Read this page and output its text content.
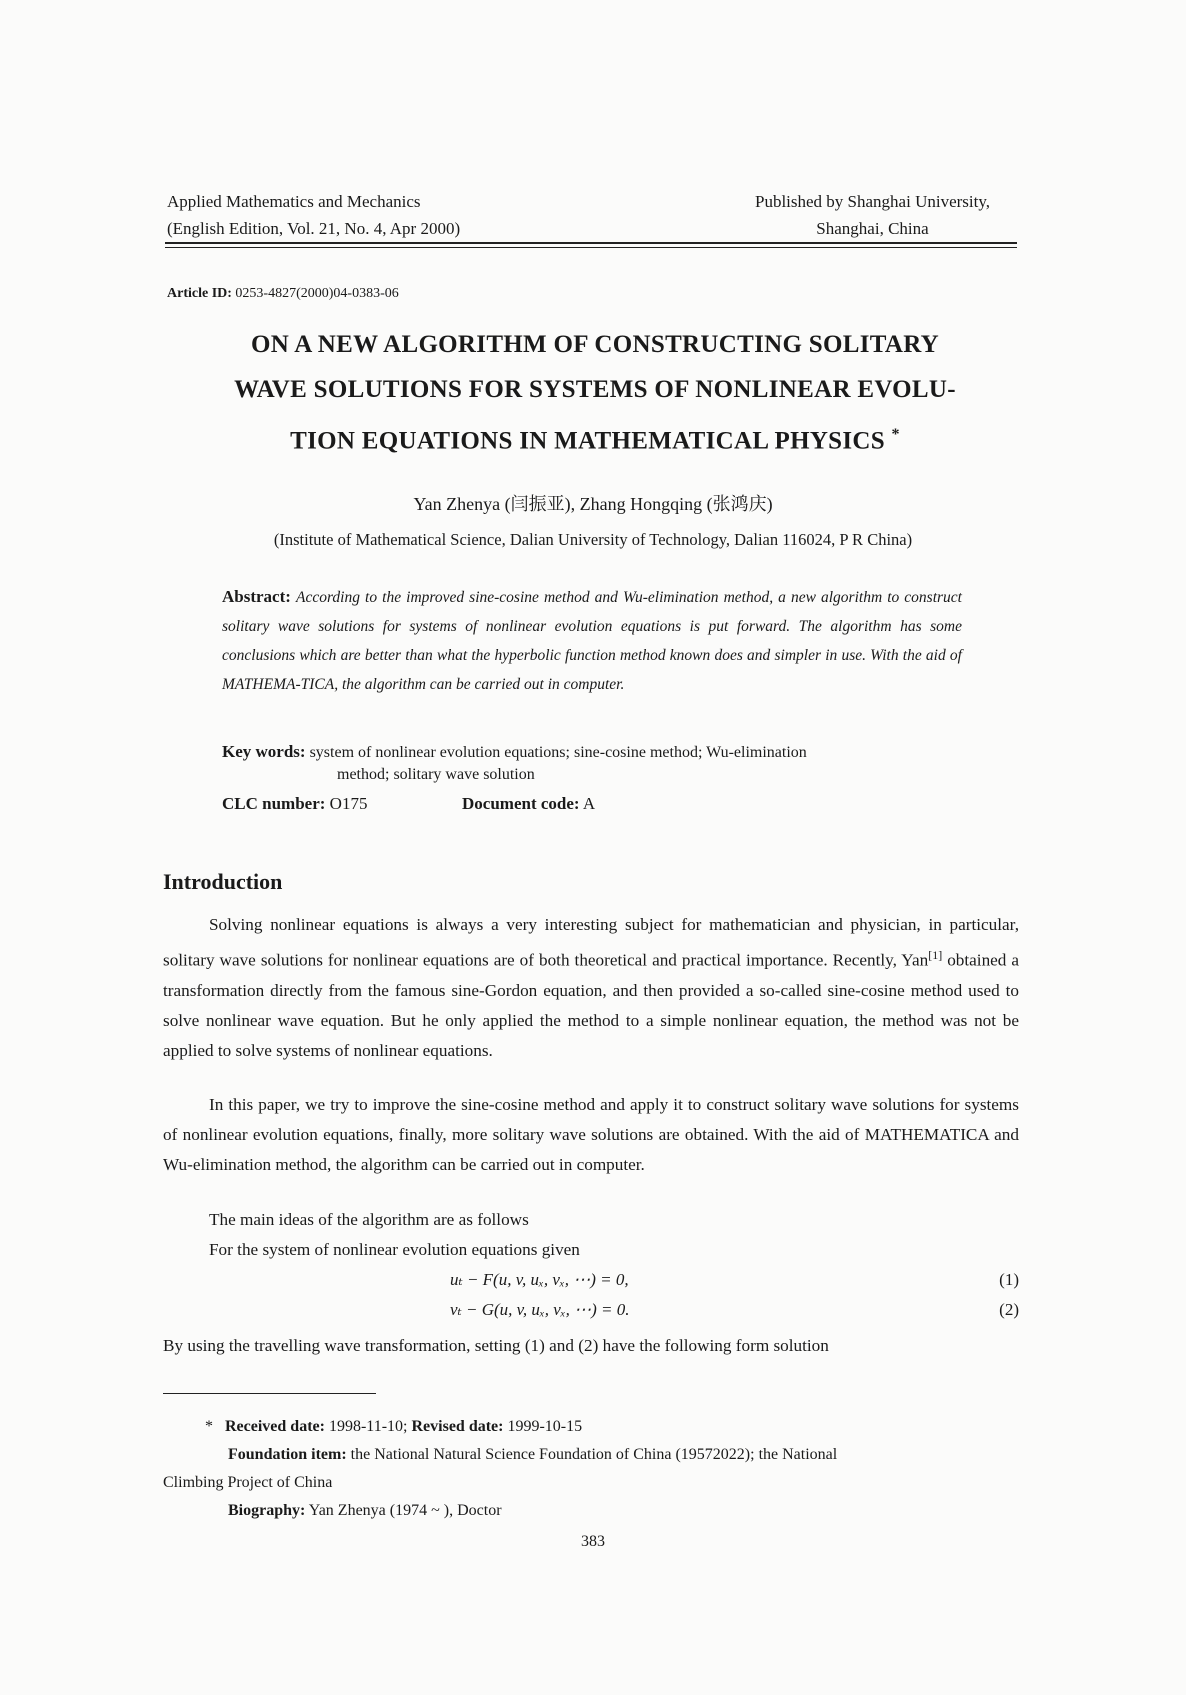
Applied Mathematics and Mechanics
(English Edition, Vol. 21, No. 4, Apr 2000)
Published by Shanghai University,
Shanghai, China
Article ID: 0253-4827(2000)04-0383-06
ON A NEW ALGORITHM OF CONSTRUCTING SOLITARY
WAVE SOLUTIONS FOR SYSTEMS OF NONLINEAR EVOLU-
TION EQUATIONS IN MATHEMATICAL PHYSICS *
Yan Zhenya (闫振亚), Zhang Hongqing (张鸿庆)
(Institute of Mathematical Science, Dalian University of Technology, Dalian 116024, P R China)
Abstract: According to the improved sine-cosine method and Wu-elimination method, a new algorithm to construct solitary wave solutions for systems of nonlinear evolution equations is put forward. The algorithm has some conclusions which are better than what the hyperbolic function method known does and simpler in use. With the aid of MATHEMA-TICA, the algorithm can be carried out in computer.
Key words: system of nonlinear evolution equations; sine-cosine method; Wu-elimination
method; solitary wave solution
CLC number: O175	Document code: A
Introduction

Solving nonlinear equations is always a very interesting subject for mathematician and physician, in particular, solitary wave solutions for nonlinear equations are of both theoretical and practical importance. Recently, Yan[1] obtained a transformation directly from the famous sine-Gordon equation, and then provided a so-called sine-cosine method used to solve nonlinear wave equation. But he only applied the method to a simple nonlinear equation, the method was not be applied to solve systems of nonlinear equations.

In this paper, we try to improve the sine-cosine method and apply it to construct solitary wave solutions for systems of nonlinear evolution equations, finally, more solitary wave solutions are obtained. With the aid of MATHEMATICA and Wu-elimination method, the algorithm can be carried out in computer.

The main ideas of the algorithm are as follows
For the system of nonlinear evolution equations given
uₜ − F(u, v, uₓ, vₓ, ⋯) = 0,	(1)
vₜ − G(u, v, uₓ, vₓ, ⋯) = 0.	(2)
By using the travelling wave transformation, setting (1) and (2) have the following form solution
* Received date: 1998-11-10; Revised date: 1999-10-15
Foundation item: the National Natural Science Foundation of China (19572022); the National
Climbing Project of China
Biography: Yan Zhenya (1974 ~ ), Doctor
383
